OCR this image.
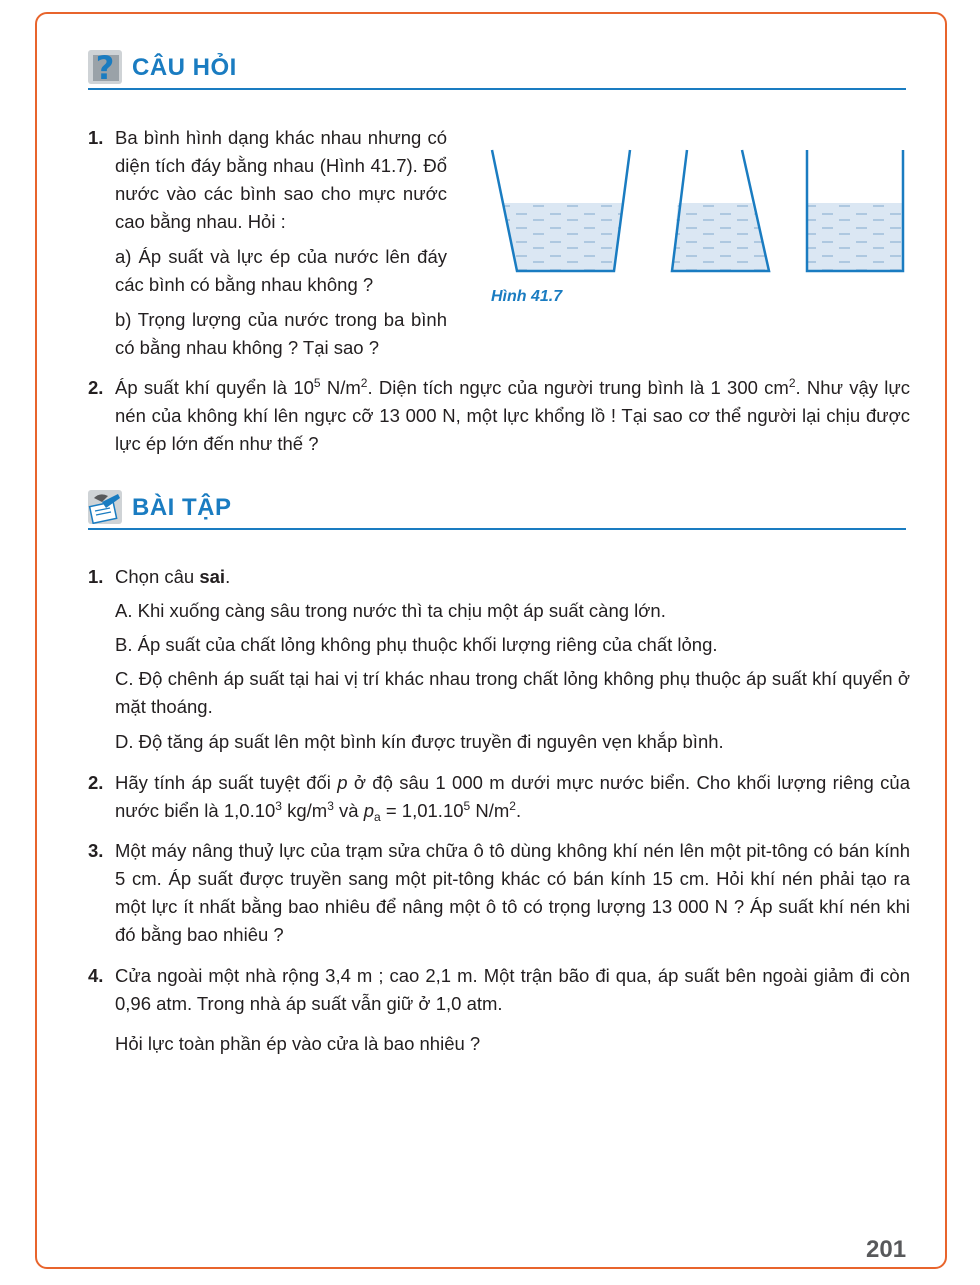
? CÂU HỎI
1. Ba bình hình dạng khác nhau nhưng có diện tích đáy bằng nhau (Hình 41.7). Đổ nước vào các bình sao cho mực nước cao bằng nhau. Hỏi :
a) Áp suất và lực ép của nước lên đáy các bình có bằng nhau không ?
b) Trọng lượng của nước trong ba bình có bằng nhau không ? Tại sao ?
Hình 41.7
2. Áp suất khí quyển là $10^5$ $N/m^2$. Diện tích ngực của người trung bình là 1 300 $cm^2$. Như vậy lực nén của không khí lên ngực cỡ 13 000 N, một lực khổng lồ ! Tại sao cơ thể người lại chịu được lực ép lớn đến như thế ?
BÀI TẬP
1. Chọn câu sai.
A. Khi xuống càng sâu trong nước thì ta chịu một áp suất càng lớn.
B. Áp suất của chất lỏng không phụ thuộc khối lượng riêng của chất lỏng.
C. Độ chênh áp suất tại hai vị trí khác nhau trong chất lỏng không phụ thuộc áp suất khí quyển ở mặt thoáng.
D. Độ tăng áp suất lên một bình kín được truyền đi nguyên vẹn khắp bình.
2. Hãy tính áp suất tuyệt đối p ở độ sâu 1 000 m dưới mực nước biển. Cho khối lượng riêng của nước biển là 1,0.10$^3$ $kg/m^3$ và $p_a = 1,01.10^5$ $N/m^2$.
3. Một máy nâng thuỷ lực của trạm sửa chữa ô tô dùng không khí nén lên một pit-tông có bán kính 5 cm. Áp suất được truyền sang một pit-tông khác có bán kính 15 cm. Hỏi khí nén phải tạo ra một lực ít nhất bằng bao nhiêu để nâng một ô tô có trọng lượng 13 000 N ? Áp suất khí nén khi đó bằng bao nhiêu ?
4. Cửa ngoài một nhà rộng 3,4 m ; cao 2,1 m. Một trận bão đi qua, áp suất bên ngoài giảm đi còn 0,96 atm. Trong nhà áp suất vẫn giữ ở 1,0 atm.
Hỏi lực toàn phần ép vào cửa là bao nhiêu ?
201
